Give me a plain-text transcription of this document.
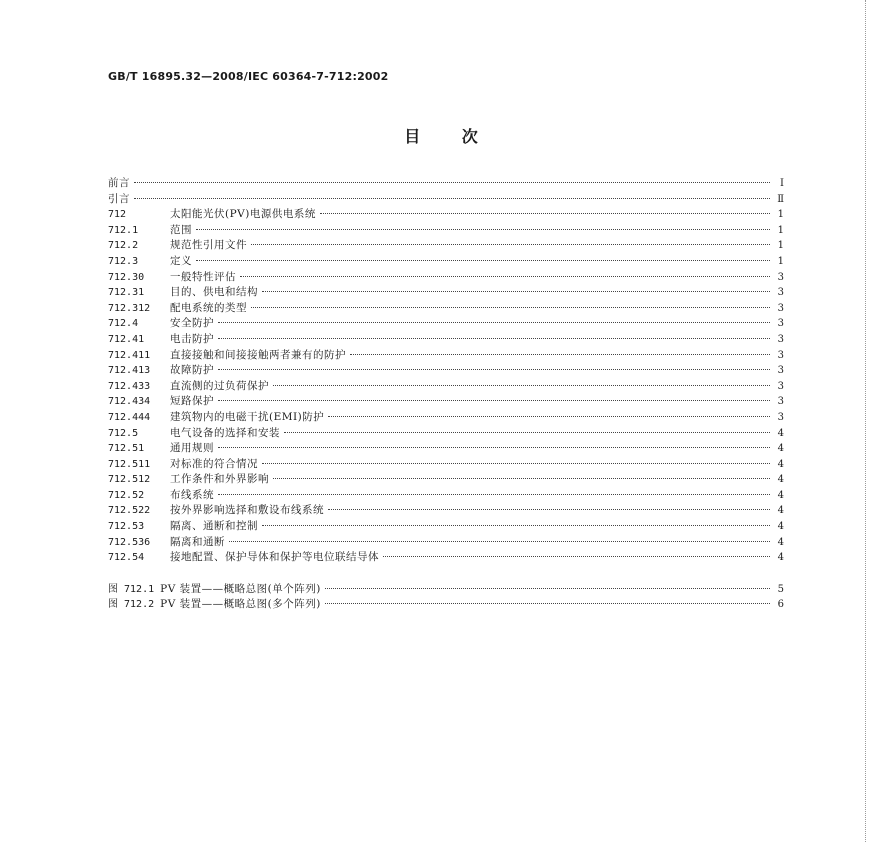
GB/T 16895.32—2008/IEC 60364-7-712:2002
目 次
前言	Ⅰ
引言	Ⅱ
712	太阳能光伏(PV)电源供电系统	1
712.1	范围	1
712.2	规范性引用文件	1
712.3	定义	1
712.30	一般特性评估	3
712.31	目的、供电和结构	3
712.312	配电系统的类型	3
712.4	安全防护	3
712.41	电击防护	3
712.411	直接接触和间接接触两者兼有的防护	3
712.413	故障防护	3
712.433	直流侧的过负荷保护	3
712.434	短路保护	3
712.444	建筑物内的电磁干扰(EMI)防护	3
712.5	电气设备的选择和安装	4
712.51	通用规则	4
712.511	对标准的符合情况	4
712.512	工作条件和外界影响	4
712.52	布线系统	4
712.522	按外界影响选择和敷设布线系统	4
712.53	隔离、通断和控制	4
712.536	隔离和通断	4
712.54	接地配置、保护导体和保护等电位联结导体	4
图 712.1 PV 装置——概略总图(单个阵列)	5
图 712.2 PV 装置——概略总图(多个阵列)	6
